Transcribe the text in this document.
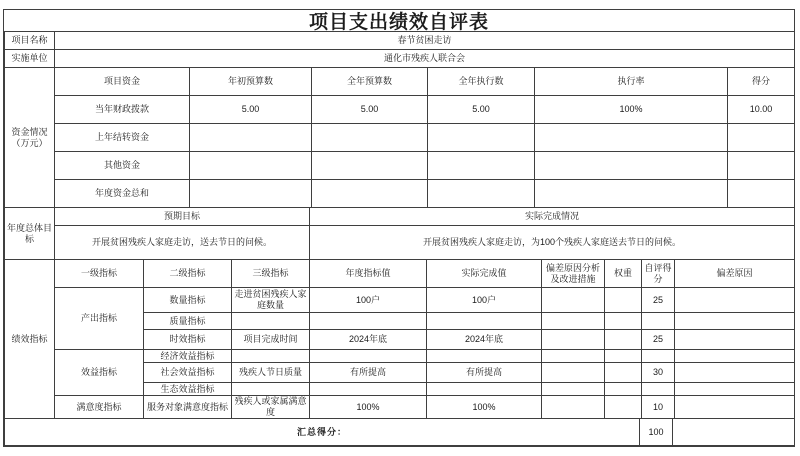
项目支出绩效自评表
项目名称	春节贫困走访
实施单位	通化市残疾人联合会
资金情况（万元）	项目资金	年初预算数	全年预算数	全年执行数	执行率	得分
	当年财政拨款	5.00	5.00	5.00	100%	10.00
	上年结转资金					
	其他资金					
	年度资金总和					
年度总体目标	预期目标	实际完成情况
	开展贫困残疾人家庭走访，送去节日的问候。	开展贫困残疾人家庭走访，为100个残疾人家庭送去节日的问候。
绩效指标	一级指标	二级指标	三级指标	年度指标值	实际完成值	偏差原因分析及改进措施	权重	自评得分	偏差原因
	产出指标	数量指标	走进贫困残疾人家庭数量	100户	100户			25	
		质量指标							
		时效指标	项目完成时间	2024年底	2024年底			25	
	效益指标	经济效益指标							
		社会效益指标	残疾人节日质量	有所提高	有所提高			30	
		生态效益指标							
	满意度指标	服务对象满意度指标	残疾人或家属满意度	100%	100%			10	
汇总得分：	100	
